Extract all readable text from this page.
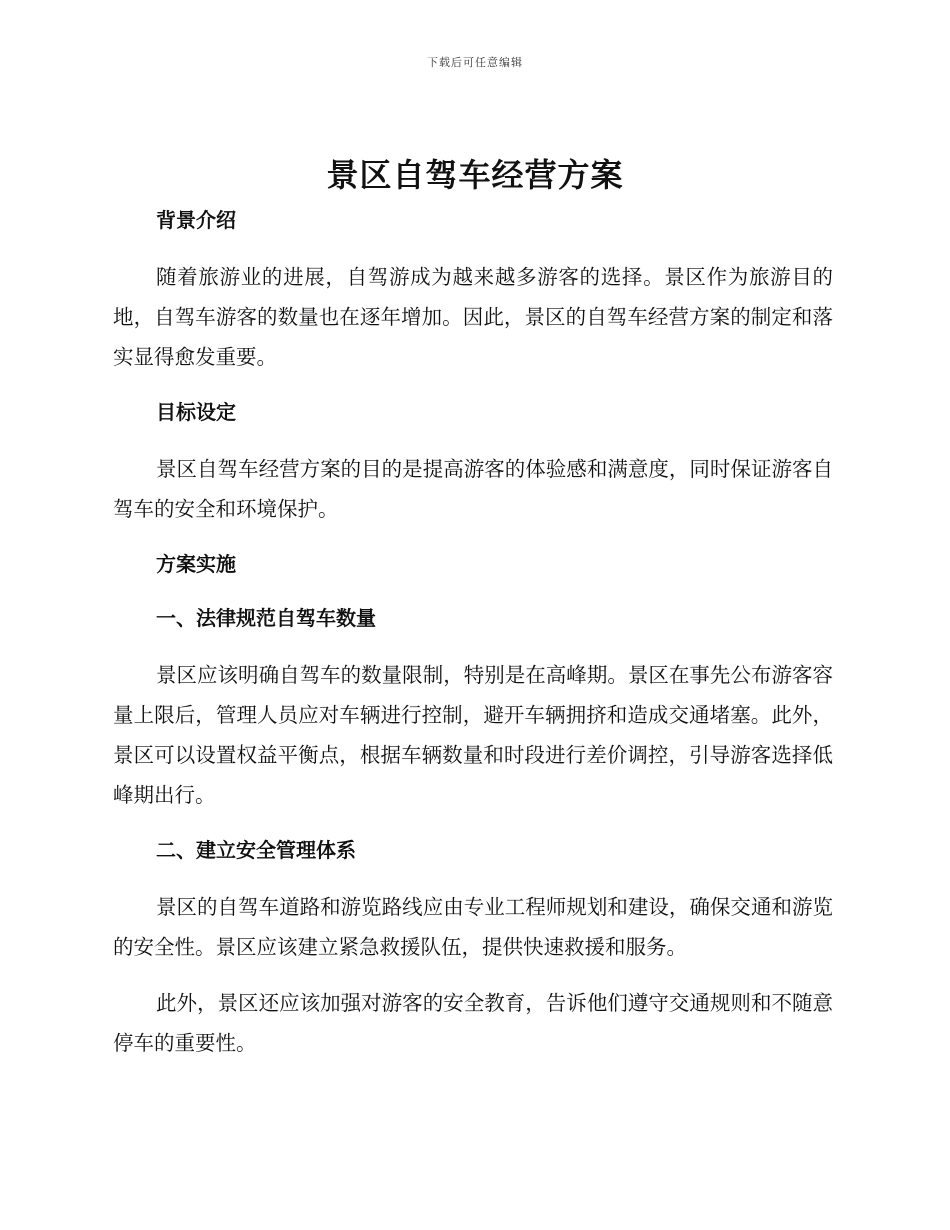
下载后可任意编辑
景区自驾车经营方案
背景介绍

随着旅游业的进展，自驾游成为越来越多游客的选择。景区作为旅游目的地，自驾车游客的数量也在逐年增加。因此，景区的自驾车经营方案的制定和落实显得愈发重要。

目标设定

景区自驾车经营方案的目的是提高游客的体验感和满意度，同时保证游客自驾车的安全和环境保护。

方案实施
一、法律规范自驾车数量

景区应该明确自驾车的数量限制，特别是在高峰期。景区在事先公布游客容量上限后，管理人员应对车辆进行控制，避开车辆拥挤和造成交通堵塞。此外，景区可以设置权益平衡点，根据车辆数量和时段进行差价调控，引导游客选择低峰期出行。

二、建立安全管理体系

景区的自驾车道路和游览路线应由专业工程师规划和建设，确保交通和游览的安全性。景区应该建立紧急救援队伍，提供快速救援和服务。

此外，景区还应该加强对游客的安全教育，告诉他们遵守交通规则和不随意停车的重要性。
